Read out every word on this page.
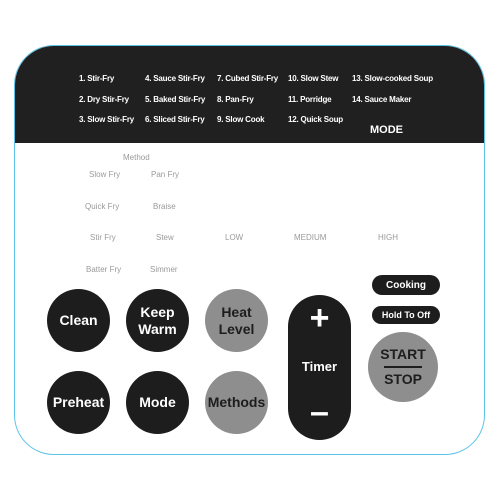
1. Stir-Fry
2. Dry Stir-Fry
3. Slow Stir-Fry
4. Sauce Stir-Fry
5. Baked Stir-Fry
6. Sliced Stir-Fry
7. Cubed Stir-Fry
8. Pan-Fry
9. Slow Cook
10. Slow Stew
11. Porridge
12. Quick Soup
13. Slow-cooked Soup
14. Sauce Maker
MODE
Method
Slow Fry	Pan Fry
Quick Fry	Braise
Stir Fry	Stew
Batter Fry	Simmer
LOW	MEDIUM	HIGH
Clean
Keep Warm
Heat Level
Preheat	Mode Methods
+
Timer
–
Cooking
Hold To Off
START
STOP
